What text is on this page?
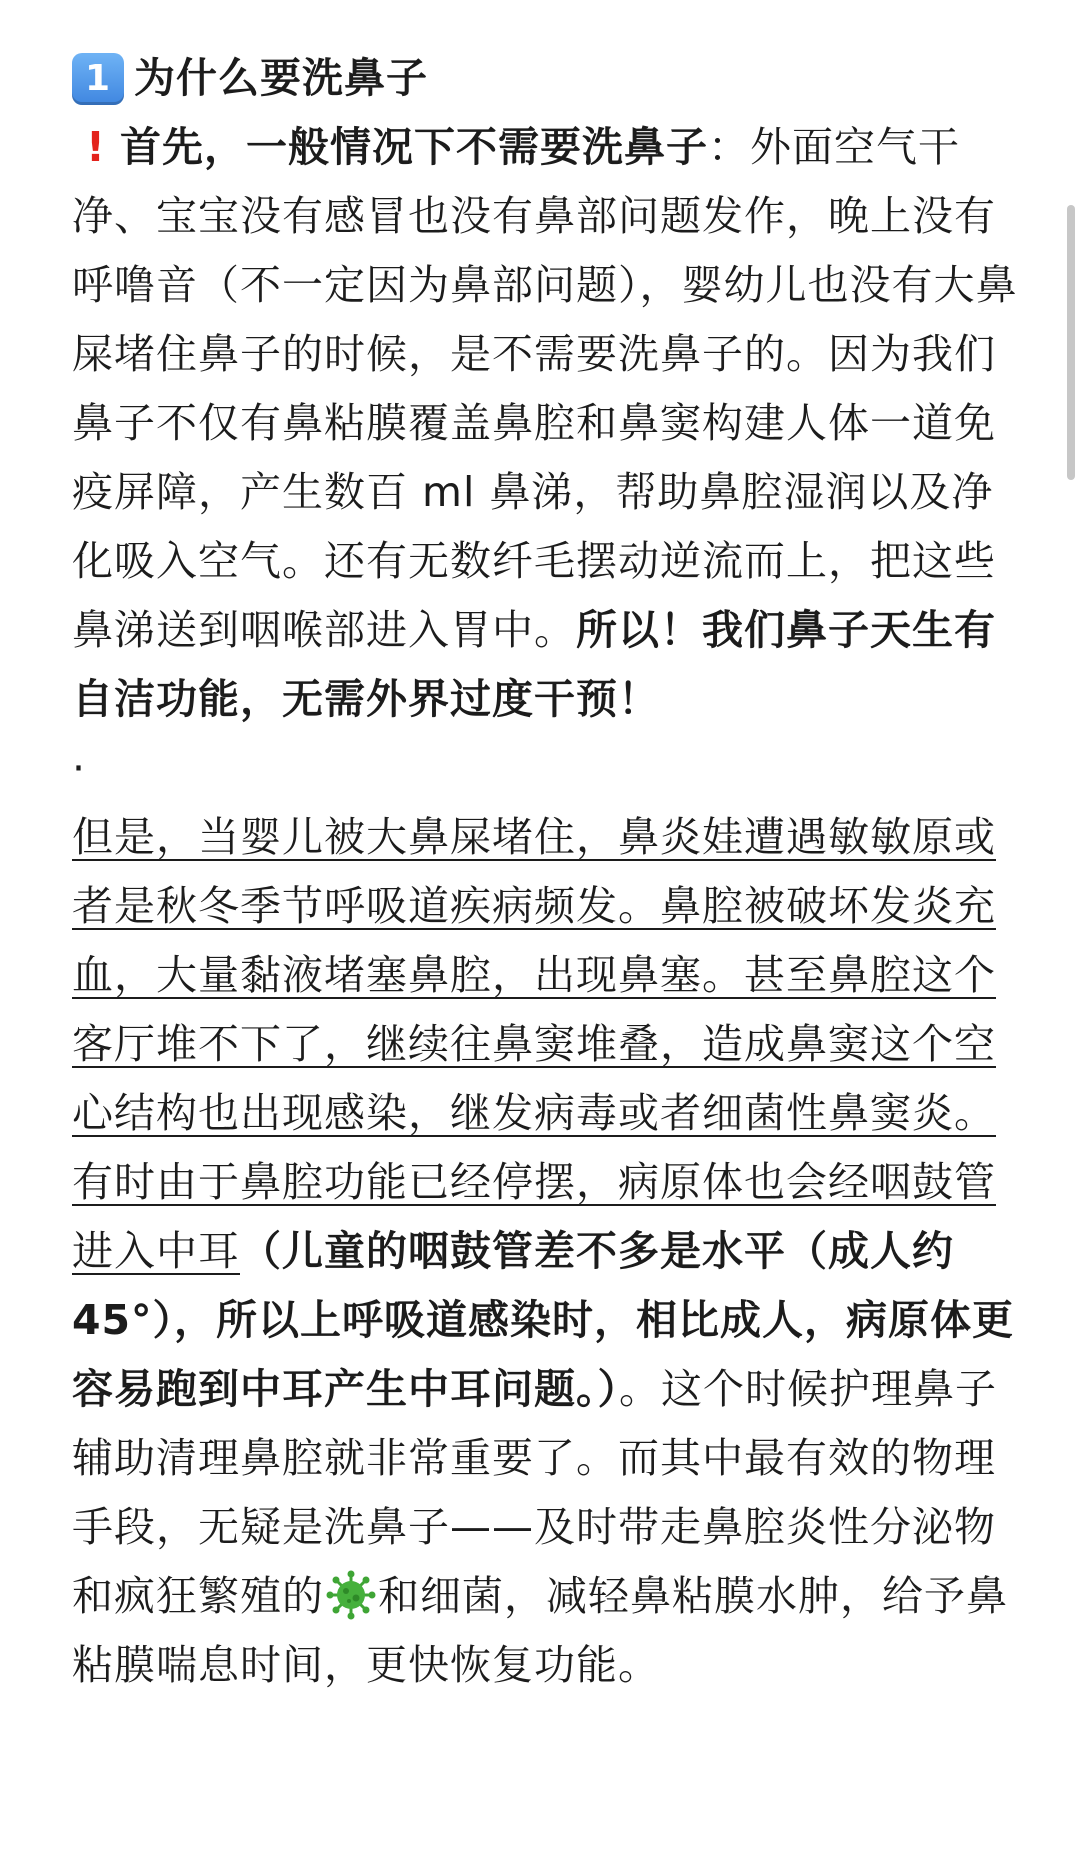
1 为什么要洗鼻子

! 首先，一般情况下不需要洗鼻子：外面空气干净、宝宝没有感冒也没有鼻部问题发作，晚上没有呼噜音（不一定因为鼻部问题），婴幼儿也没有大鼻屎堵住鼻子的时候，是不需要洗鼻子的。因为我们鼻子不仅有鼻粘膜覆盖鼻腔和鼻窦构建人体一道免疫屏障，产生数百 ml 鼻涕，帮助鼻腔湿润以及净化吸入空气。还有无数纤毛摆动逆流而上，把这些鼻涕送到咽喉部进入胃中。所以！我们鼻子天生有自洁功能，无需外界过度干预！

·

但是，当婴儿被大鼻屎堵住，鼻炎娃遭遇敏敏原或者是秋冬季节呼吸道疾病频发。鼻腔被破坏发炎充血，大量黏液堵塞鼻腔，出现鼻塞。甚至鼻腔这个客厅堆不下了，继续往鼻窦堆叠，造成鼻窦这个空心结构也出现感染，继发病毒或者细菌性鼻窦炎。有时由于鼻腔功能已经停摆，病原体也会经咽鼓管进入中耳（儿童的咽鼓管差不多是水平（成人约45°），所以上呼吸道感染时，相比成人，病原体更容易跑到中耳产生中耳问题。）。这个时候护理鼻子辅助清理鼻腔就非常重要了。而其中最有效的物理手段，无疑是洗鼻子——及时带走鼻腔炎性分泌物和疯狂繁殖的 和细菌，减轻鼻粘膜水肿，给予鼻粘膜喘息时间，更快恢复功能。
